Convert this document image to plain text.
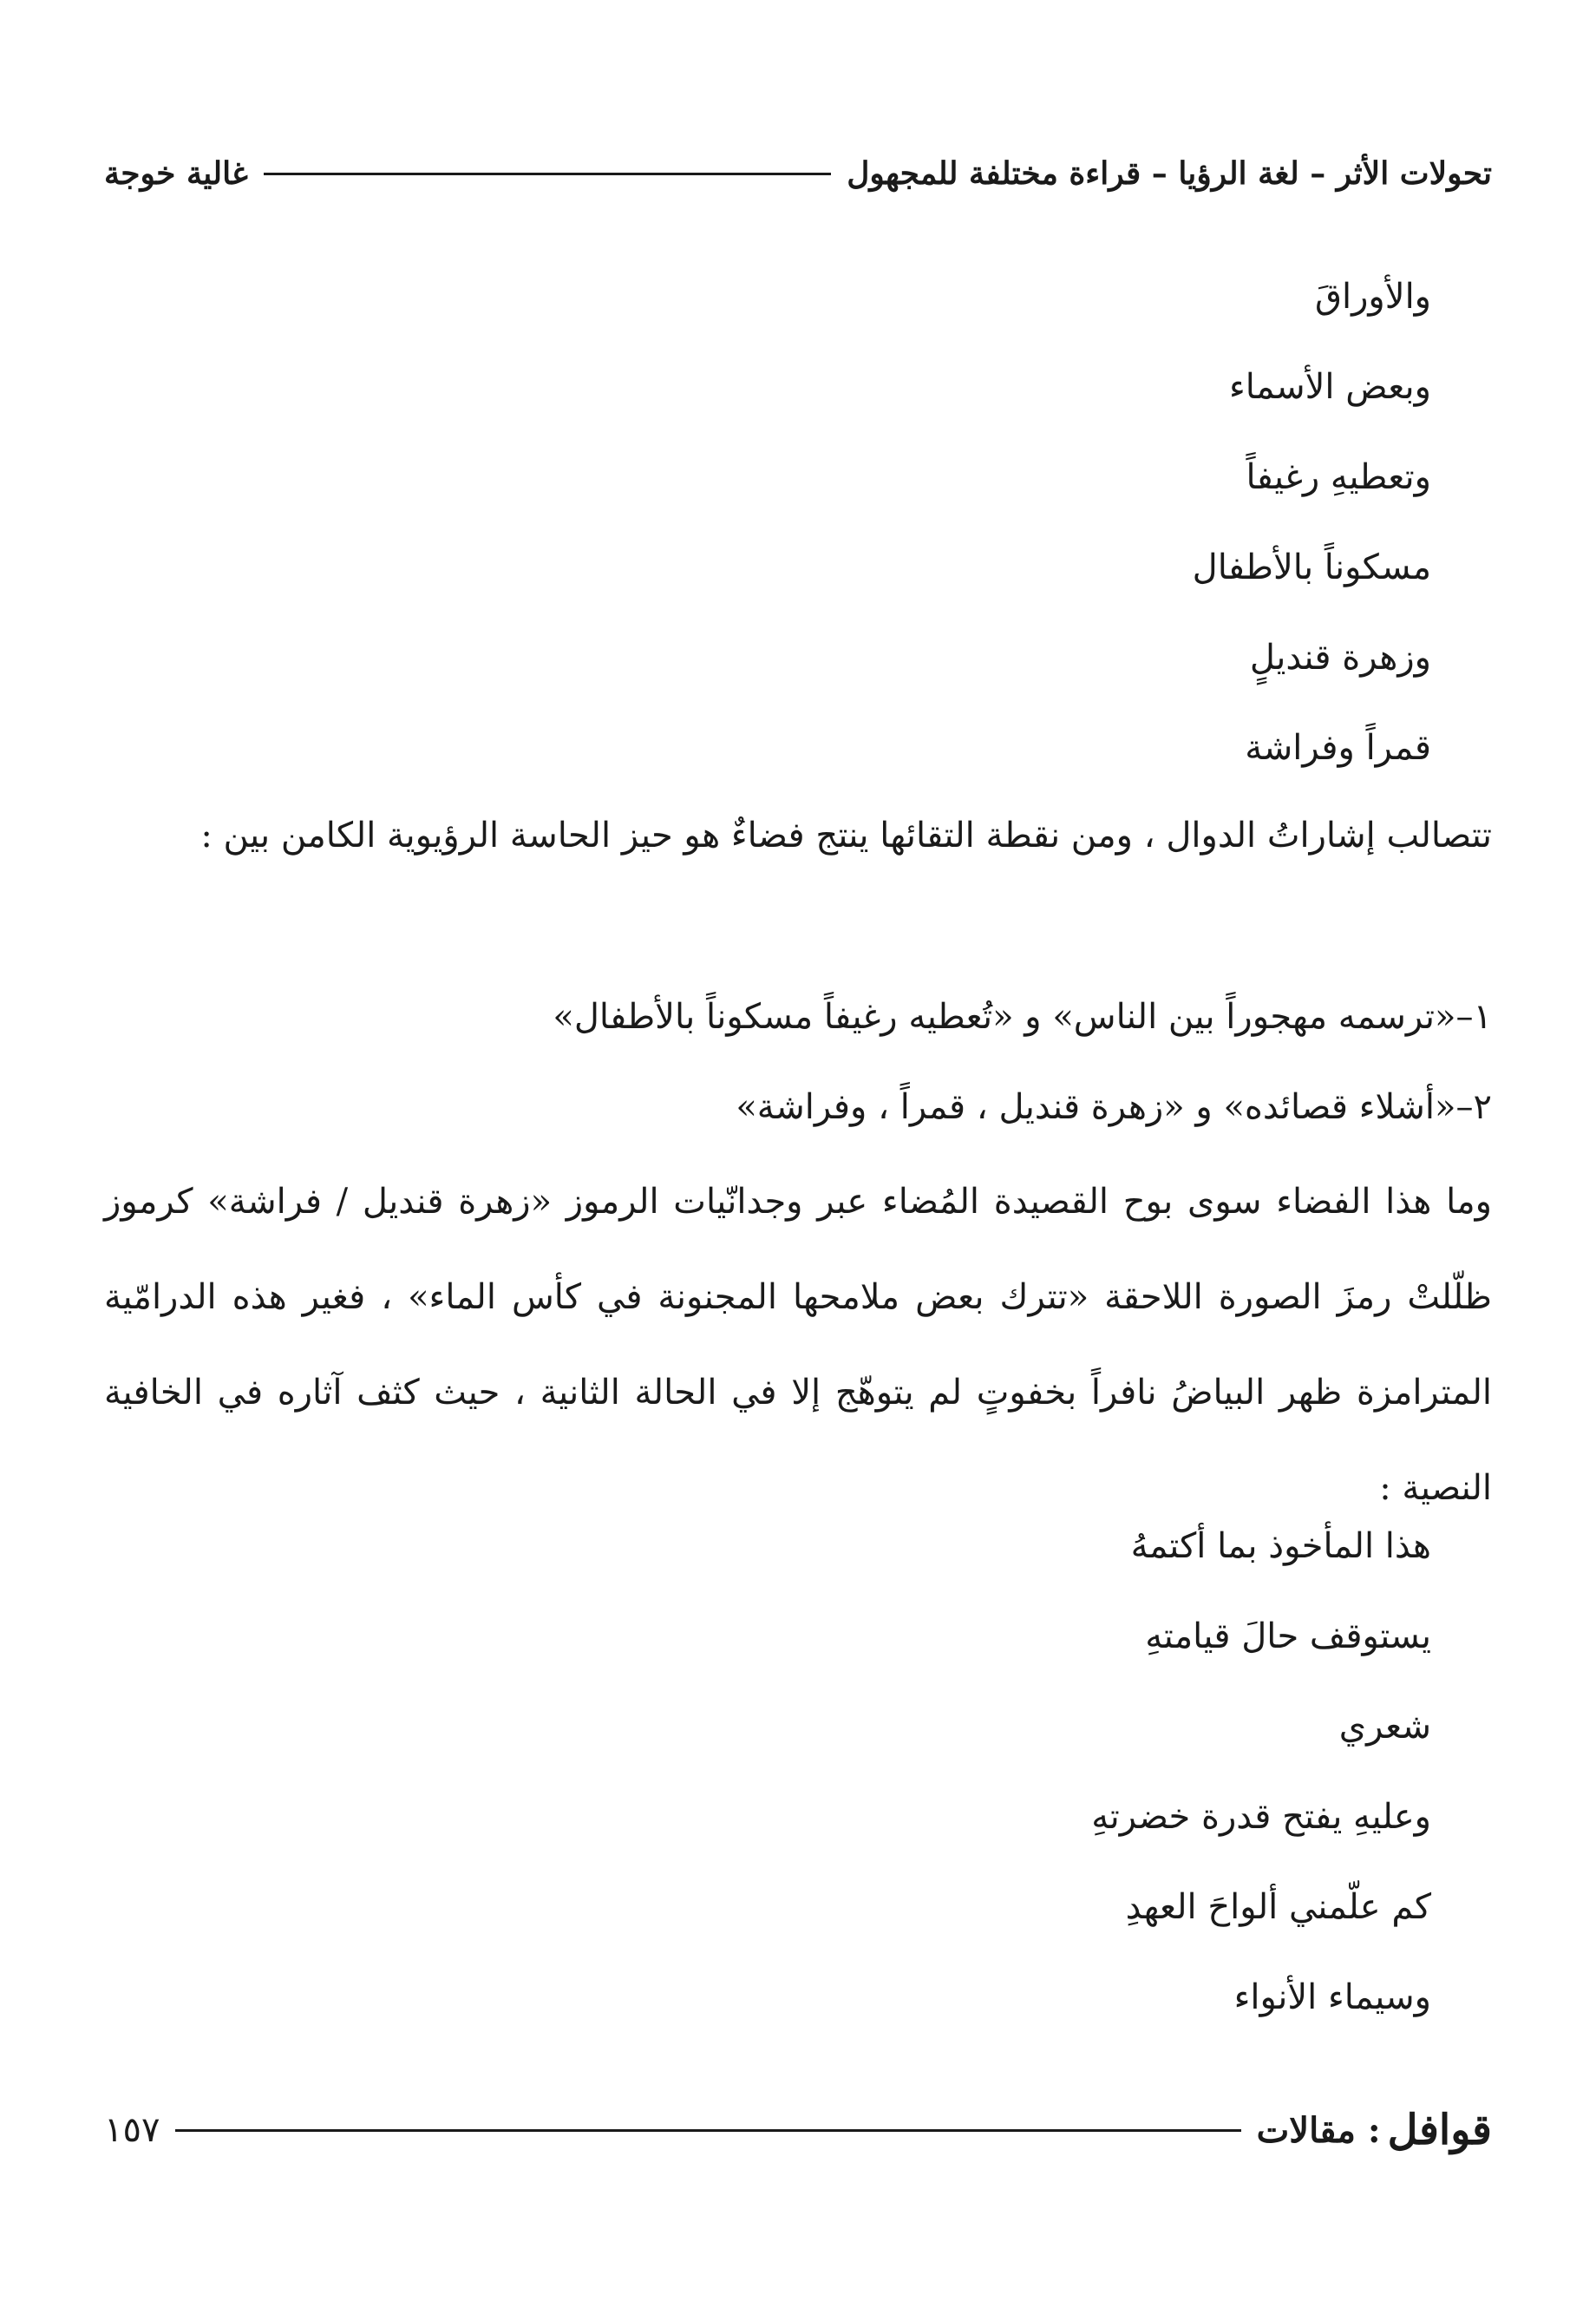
تحولات الأثر – لغة الرؤيا – قراءة مختلفة للمجهول
غالية خوجة
والأوراقَ
وبعض الأسماء
وتعطيهِ رغيفاً
مسكوناً بالأطفال
وزهرة قنديلٍ
قمراً وفراشة
تتصالب إشاراتُ الدوال ، ومن نقطة التقائها ينتج فضاءٌ هو حيز الحاسة الرؤيوية الكامن بين :
١–«ترسمه مهجوراً بين الناس» و «تُعطيه رغيفاً مسكوناً بالأطفال»
٢–«أشلاء قصائده» و «زهرة قنديل ، قمراً ، وفراشة»
وما هذا الفضاء سوى بوح القصيدة المُضاء عبر وجدانّيات الرموز «زهرة قنديل / فراشة» كرموز ظلّلتْ رمزَ الصورة اللاحقة «تترك بعض ملامحها المجنونة في كأس الماء» ، فغير هذه الدرامّية المترامزة ظهر البياضُ نافراً بخفوتٍ لم يتوهّج إلا في الحالة الثانية ، حيث كثف آثاره في الخافية النصية :
هذا المأخوذ بما أكتمهُ
يستوقف حالَ قيامتهِ
شعري
وعليهِ يفتح قدرة خضرتهِ
كم علّمني ألواحَ العهدِ
وسيماء الأنواء
قوافل
: مقالات
١٥٧
